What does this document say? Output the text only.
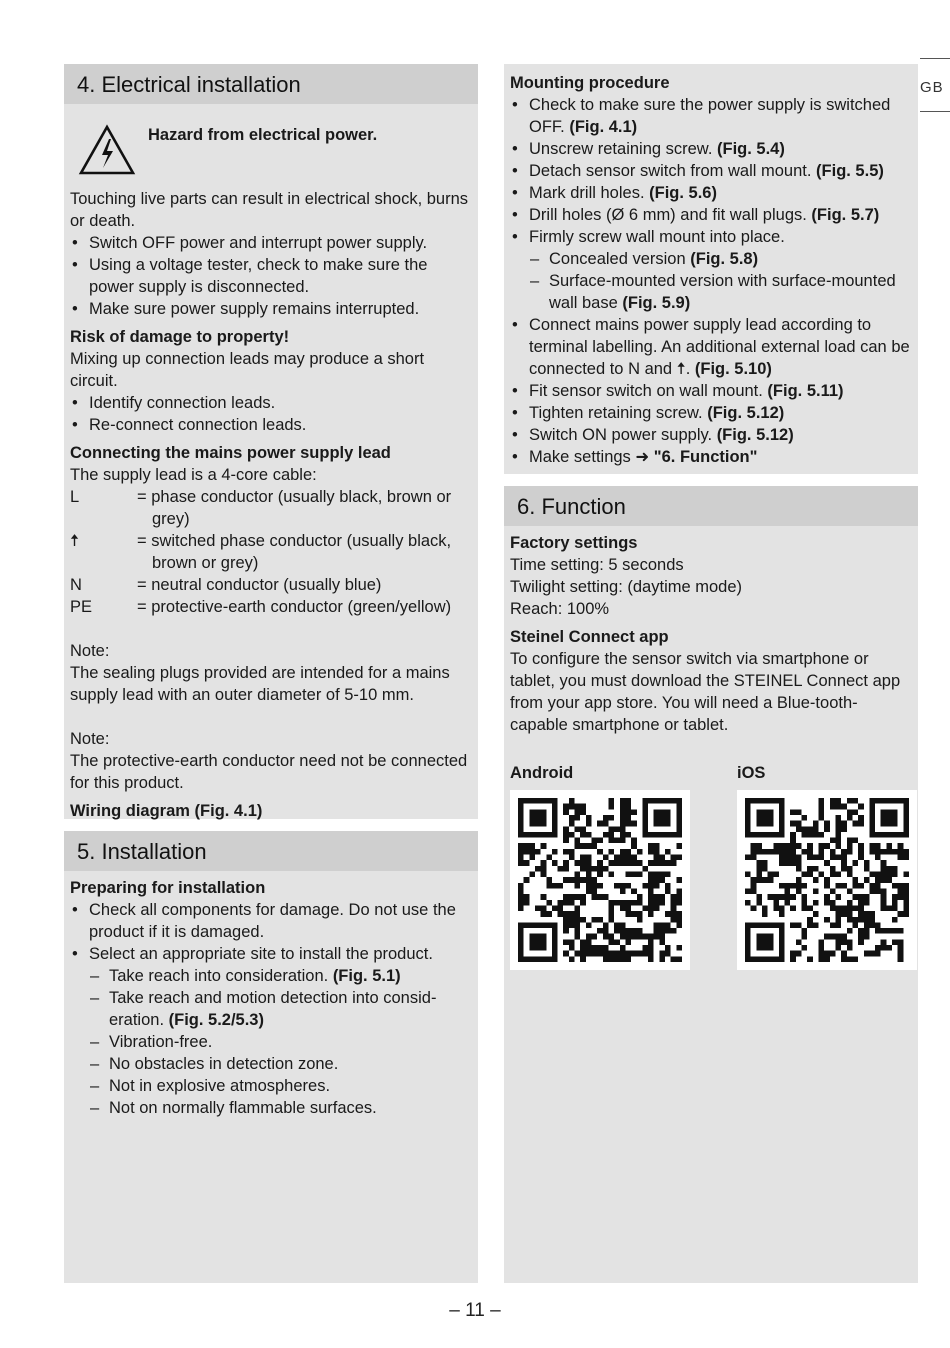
GB
4. Electrical installation
Hazard from electrical power.
Touching live parts can result in electrical shock, burns or death.
• Switch OFF power and interrupt power supply.
• Using a voltage tester, check to make sure the power supply is disconnected.
• Make sure power supply remains interrupted.
Risk of damage to property!
Mixing up connection leads may produce a short circuit.
• Identify connection leads.
• Re-connect connection leads.
Connecting the mains power supply lead
The supply lead is a 4-core cable:
L	= phase conductor (usually black, brown or grey)
🠅	= switched phase conductor (usually black, brown or grey)
N	= neutral conductor (usually blue)
PE	= protective-earth conductor (green/yellow)
Note:
The sealing plugs provided are intended for a mains supply lead with an outer diameter of 5-10 mm.
Note:
The protective-earth conductor need not be connected for this product.
Wiring diagram (Fig. 4.1)
5. Installation
Preparing for installation
• Check all components for damage. Do not use the product if it is damaged.
• Select an appropriate site to install the product.
– Take reach into consideration. (Fig. 5.1)
– Take reach and motion detection into consid-eration. (Fig. 5.2/5.3)
– Vibration-free.
– No obstacles in detection zone.
– Not in explosive atmospheres.
– Not on normally flammable surfaces.
Mounting procedure
• Check to make sure the power supply is switched OFF. (Fig. 4.1)
• Unscrew retaining screw. (Fig. 5.4)
• Detach sensor switch from wall mount. (Fig. 5.5)
• Mark drill holes. (Fig. 5.6)
• Drill holes (Ø 6 mm) and fit wall plugs. (Fig. 5.7)
• Firmly screw wall mount into place.
– Concealed version (Fig. 5.8)
– Surface-mounted version with surface-mounted wall base (Fig. 5.9)
• Connect mains power supply lead according to terminal labelling. An additional external load can be connected to N and 🠅. (Fig. 5.10)
• Fit sensor switch on wall mount. (Fig. 5.11)
• Tighten retaining screw. (Fig. 5.12)
• Switch ON power supply. (Fig. 5.12)
• Make settings ➜ "6. Function"
6. Function
Factory settings
Time setting: 5 seconds
Twilight setting: (daytime mode)
Reach: 100%
Steinel Connect app
To configure the sensor switch via smartphone or tablet, you must download the STEINEL Connect app from your app store. You will need a Blue-tooth-capable smartphone or tablet.
Android	iOS
– 11 –
